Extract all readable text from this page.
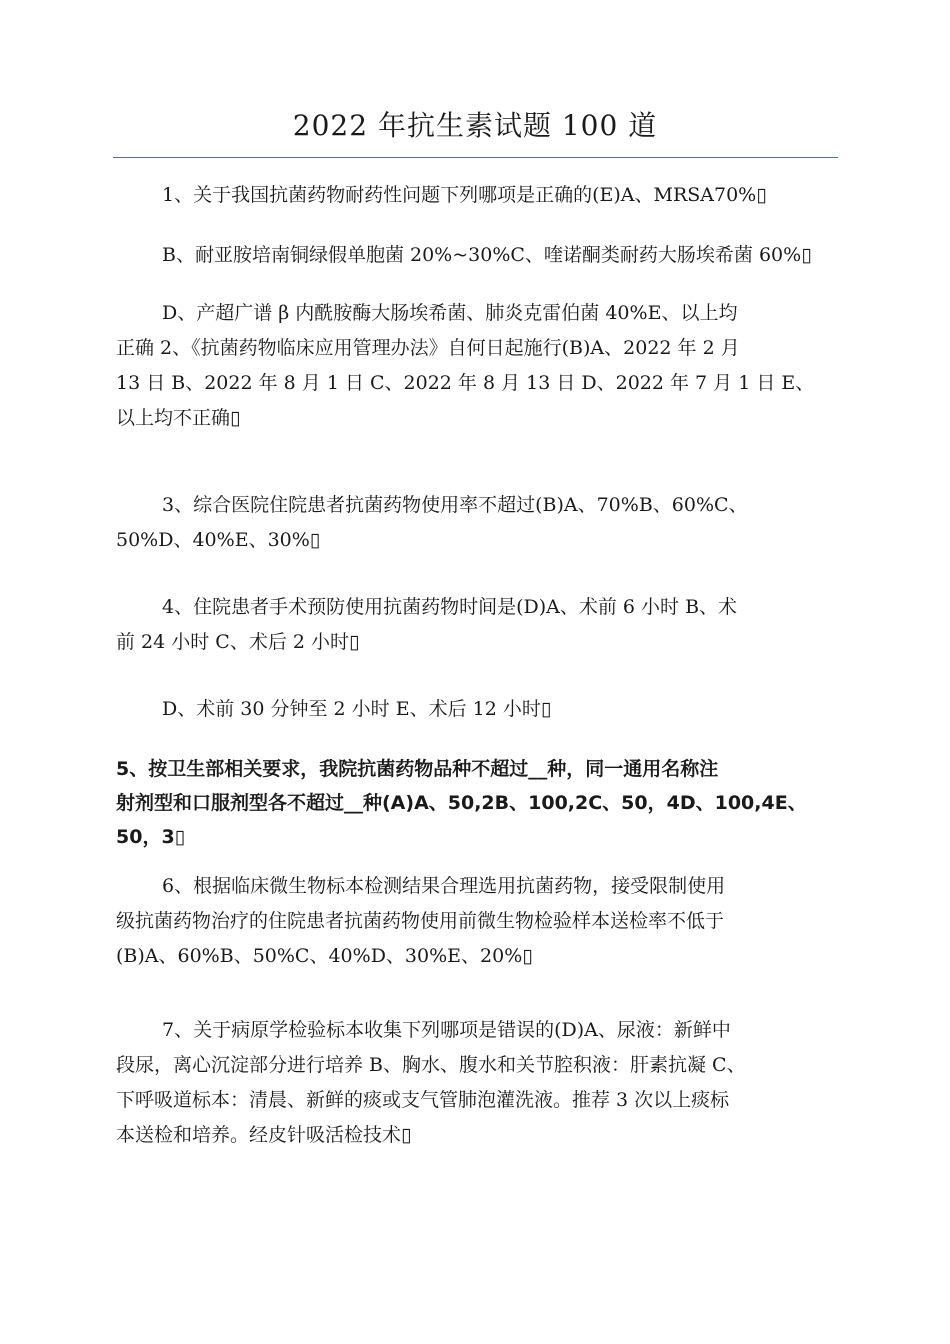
2022 年抗生素试题 100 道
1、关于我国抗菌药物耐药性问题下列哪项是正确的(E)A、MRSA70%▯
B、耐亚胺培南铜绿假单胞菌 20%~30%C、喹诺酮类耐药大肠埃希菌 60%▯
D、产超广谱 β 内酰胺酶大肠埃希菌、肺炎克雷伯菌 40%E、以上均
正确 2、《抗菌药物临床应用管理办法》自何日起施行(B)A、2022 年 2 月
13 日 B、2022 年 8 月 1 日 C、2022 年 8 月 13 日 D、2022 年 7 月 1 日 E、
以上均不正确▯
3、综合医院住院患者抗菌药物使用率不超过(B)A、70%B、60%C、
50%D、40%E、30%▯
4、住院患者手术预防使用抗菌药物时间是(D)A、术前 6 小时 B、术
前 24 小时 C、术后 2 小时▯
D、术前 30 分钟至 2 小时 E、术后 12 小时▯
5、按卫生部相关要求，我院抗菌药物品种不超过__种，同一通用名称注
射剂型和口服剂型各不超过__种(A)A、50,2B、100,2C、50，4D、100,4E、
50，3▯
6、根据临床微生物标本检测结果合理选用抗菌药物，接受限制使用
级抗菌药物治疗的住院患者抗菌药物使用前微生物检验样本送检率不低于
(B)A、60%B、50%C、40%D、30%E、20%▯
7、关于病原学检验标本收集下列哪项是错误的(D)A、尿液：新鲜中
段尿，离心沉淀部分进行培养 B、胸水、腹水和关节腔积液：肝素抗凝 C、
下呼吸道标本：清晨、新鲜的痰或支气管肺泡灌洗液。推荐 3 次以上痰标
本送检和培养。经皮针吸活检技术▯
